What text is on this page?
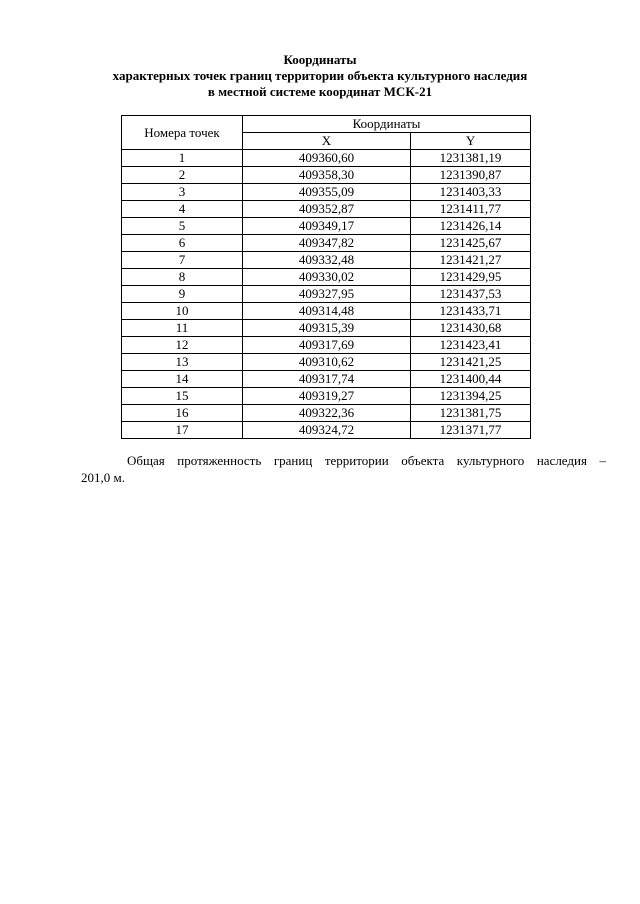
Координаты
характерных точек границ территории объекта культурного наследия
в местной системе координат МСК-21
Номера точек	Координаты	
	X	Y
1	409360,60	1231381,19
2	409358,30	1231390,87
3	409355,09	1231403,33
4	409352,87	1231411,77
5	409349,17	1231426,14
6	409347,82	1231425,67
7	409332,48	1231421,27
8	409330,02	1231429,95
9	409327,95	1231437,53
10	409314,48	1231433,71
11	409315,39	1231430,68
12	409317,69	1231423,41
13	409310,62	1231421,25
14	409317,74	1231400,44
15	409319,27	1231394,25
16	409322,36	1231381,75
17	409324,72	1231371,77
Общая протяженность границ территории объекта культурного наследия –
201,0 м.
